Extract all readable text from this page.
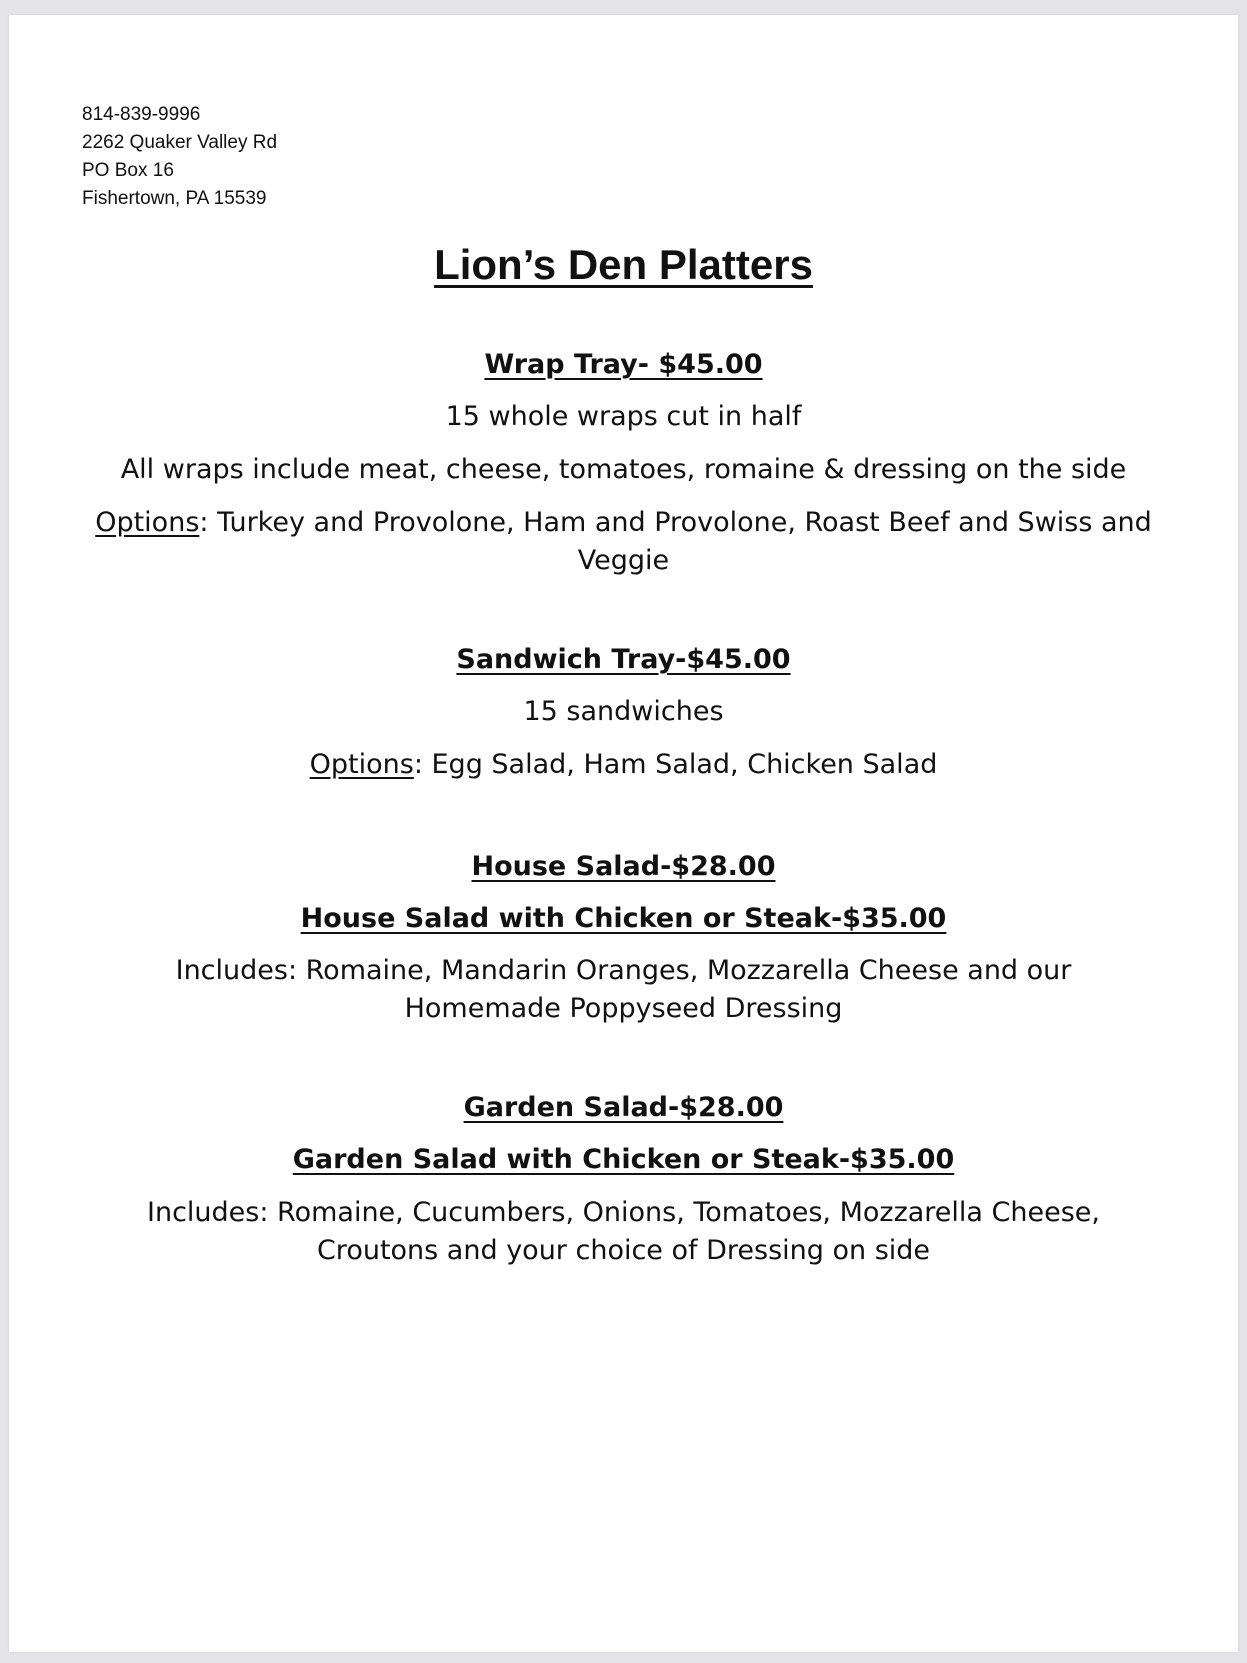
814-839-9996
2262 Quaker Valley Rd
PO Box 16
Fishertown, PA 15539
Lion’s Den Platters
Wrap Tray- $45.00
15 whole wraps cut in half
All wraps include meat, cheese, tomatoes, romaine & dressing on the side
Options: Turkey and Provolone, Ham and Provolone, Roast Beef and Swiss and Veggie
Sandwich Tray-$45.00
15 sandwiches
Options: Egg Salad, Ham Salad, Chicken Salad
House Salad-$28.00
House Salad with Chicken or Steak-$35.00
Includes: Romaine, Mandarin Oranges, Mozzarella Cheese and our Homemade Poppyseed Dressing
Garden Salad-$28.00
Garden Salad with Chicken or Steak-$35.00
Includes: Romaine, Cucumbers, Onions, Tomatoes, Mozzarella Cheese, Croutons and your choice of Dressing on side
